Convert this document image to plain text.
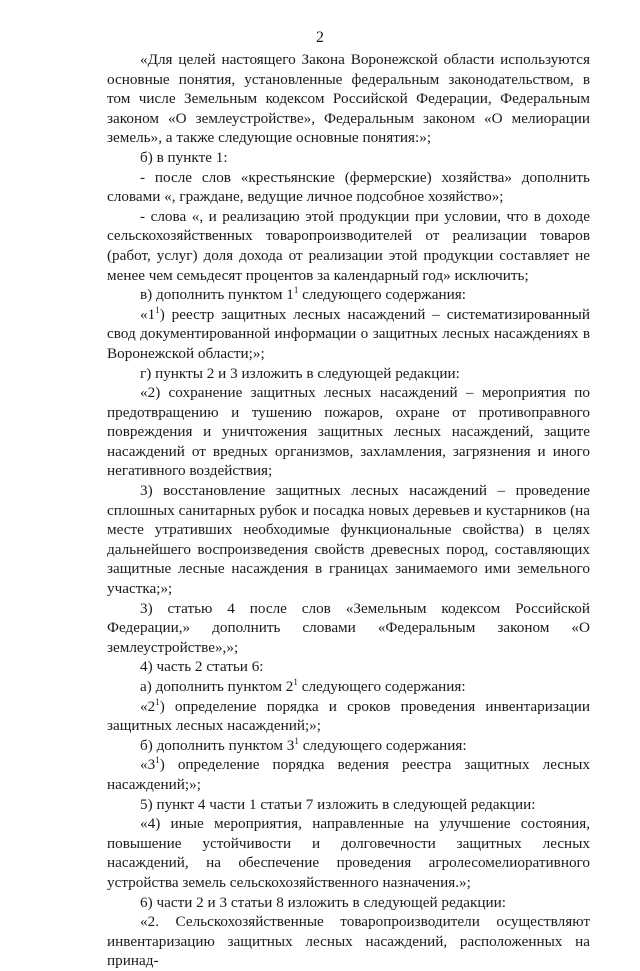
2

«Для целей настоящего Закона Воронежской области используются основные понятия, установленные федеральным законодательством, в том числе Земельным кодексом Российской Федерации, Федеральным законом «О землеустройстве», Федеральным законом «О мелиорации земель», а также следующие основные понятия:»;

б) в пункте 1:

- после слов «крестьянские (фермерские) хозяйства» дополнить словами «, граждане, ведущие личное подсобное хозяйство»;

- слова «, и реализацию этой продукции при условии, что в доходе сельскохозяйственных товаропроизводителей от реализации товаров (работ, услуг) доля дохода от реализации этой продукции составляет не менее чем семьдесят процентов за календарный год» исключить;

в) дополнить пунктом $1^1$ следующего содержания:

«$1^1$) реестр защитных лесных насаждений – систематизированный свод документированной информации о защитных лесных насаждениях в Воронежской области;»;

г) пункты 2 и 3 изложить в следующей редакции:

«2) сохранение защитных лесных насаждений – мероприятия по предотвращению и тушению пожаров, охране от противоправного повреждения и уничтожения защитных лесных насаждений, защите насаждений от вредных организмов, захламления, загрязнения и иного негативного воздействия;

3) восстановление защитных лесных насаждений – проведение сплошных санитарных рубок и посадка новых деревьев и кустарников (на месте утративших необходимые функциональные свойства) в целях дальнейшего воспроизведения свойств древесных пород, составляющих защитные лесные насаждения в границах занимаемого ими земельного участка;»;

3) статью 4 после слов «Земельным кодексом Российской Федерации,» дополнить словами «Федеральным законом «О землеустройстве»,»;

4) часть 2 статьи 6:

а) дополнить пунктом $2^1$ следующего содержания:

«$2^1$) определение порядка и сроков проведения инвентаризации защитных лесных насаждений;»;

б) дополнить пунктом $3^1$ следующего содержания:

«$3^1$) определение порядка ведения реестра защитных лесных насаждений;»;

5) пункт 4 части 1 статьи 7 изложить в следующей редакции:

«4) иные мероприятия, направленные на улучшение состояния, повышение устойчивости и долговечности защитных лесных насаждений, на обеспечение проведения агролесомелиоративного устройства земель сельскохозяйственного назначения.»;

6) части 2 и 3 статьи 8 изложить в следующей редакции:

«2. Сельскохозяйственные товаропроизводители осуществляют инвентаризацию защитных лесных насаждений, расположенных на принад-
